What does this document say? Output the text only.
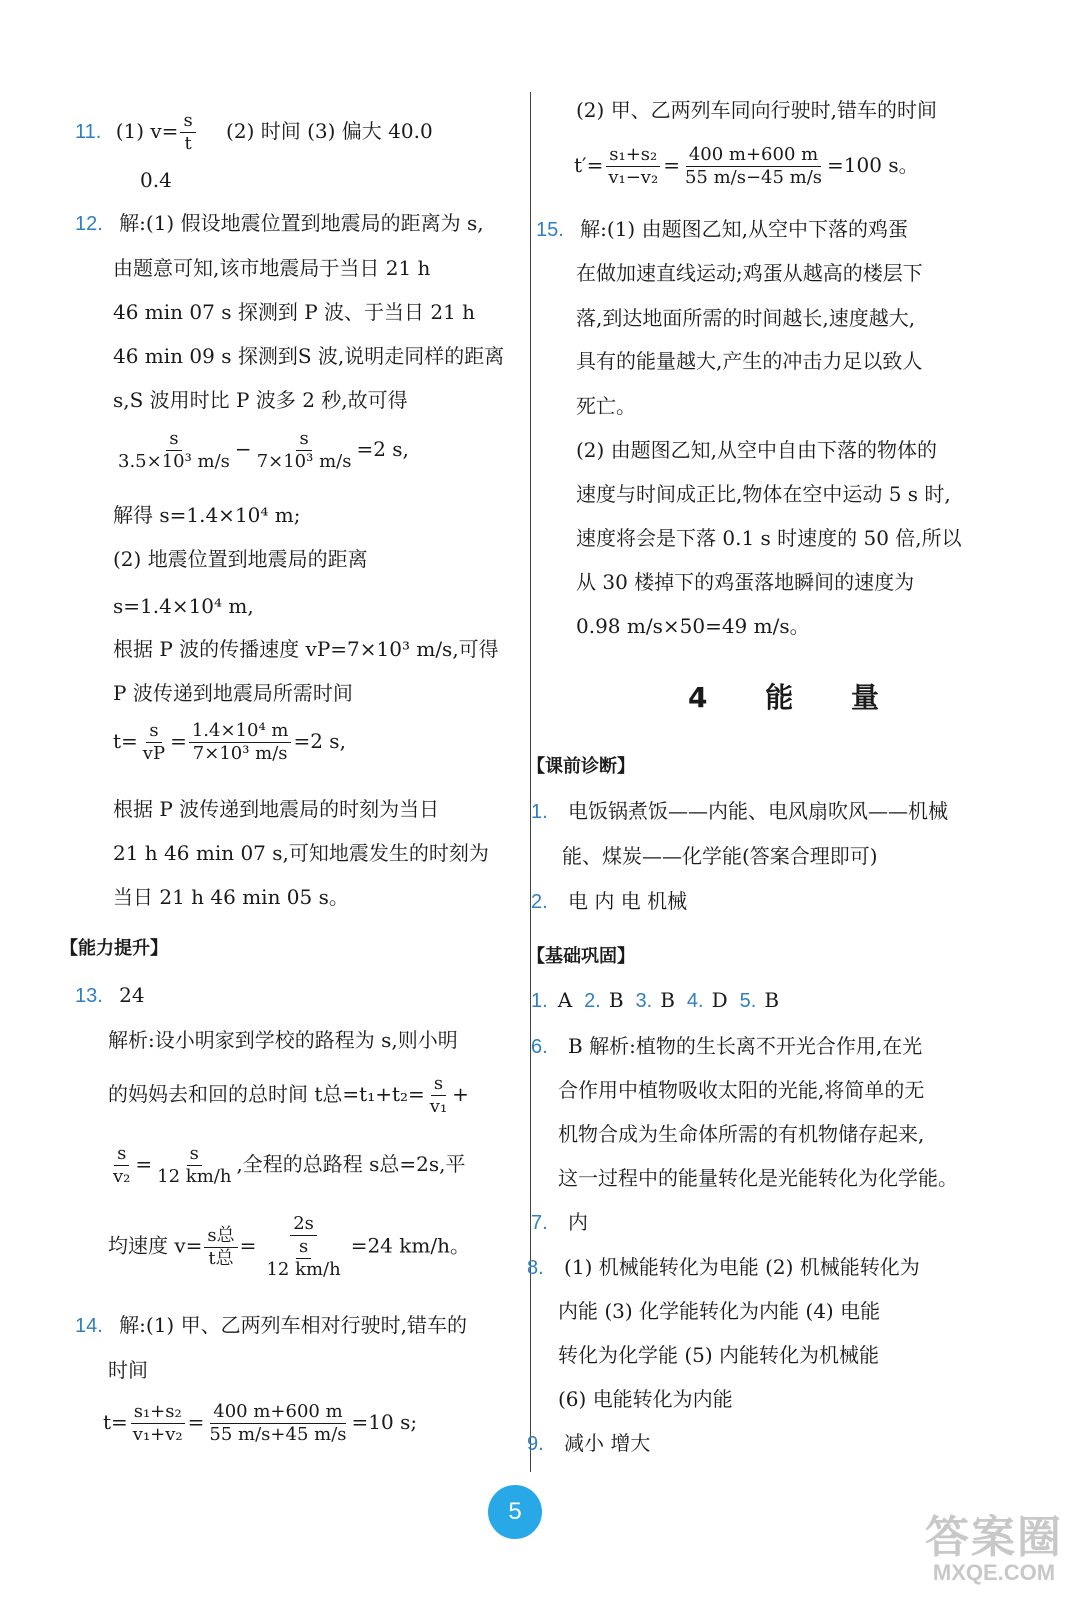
11. (1) $v= \frac{s}{t} (2)$ 时间 (3) 偏大 40.0
0.4
12. 解:(1) 假设地震位置到地震局的距离为 s,
由题意可知,该市地震局于当日 21 h
46 min 07 s 探测到 P 波、于当日 21 h
46 min 09 s 探测到S 波,说明走同样的距离
s,S 波用时比 P 波多 2 秒,故可得
$\frac{s}{\text{3.5×10³ m/s}} - \frac{s}{\text{7×10³ m/s}} =2$ s,
解得 s=1.4×10⁴ m;
(2) 地震位置到地震局的距离
s=1.4×10⁴ m,
根据 P 波的传播速度 vP=7×10³ m/s,可得
P 波传递到地震局所需时间
$t= \frac{s}{vP} = \frac{\text{1.4×10⁴ m}}{\text{7×10³ m/s}} =2$ s,
根据 P 波传递到地震局的时刻为当日
21 h 46 min 07 s,可知地震发生的时刻为
当日 21 h 46 min 05 s。
【能力提升】
13. 24
解析:设小明家到学校的路程为 s,则小明
的妈妈去和回的总时间 t总$=t_1+t_2= \frac{s}{\text{v₁}}$ +
$\frac{s}{\text{v₂}} = \frac{s}{12 km/h}$ ,全程的总路程 s总=2s,平
均速度 $v= \frac{\text{s总}}{\text{t总}} = \frac{2s}{\frac{s}{12 km/h}} =24$ km/h。
14. 解:(1) 甲、乙两列车相对行驶时,错车的
时间
$t= \frac{\text{s₁+s₂}}{\text{v₁+v₂}} = \frac{400 m+600 m}{55 m/s+45 m/s} =10$ s;
(2) 甲、乙两列车同向行驶时,错车的时间
$t'= \frac{\text{s₁+s₂}}{\text{v₁−v₂}} = \frac{400 m+600 m}{55 m/s-45 m/s} =100$ s。
15. 解:(1) 由题图乙知,从空中下落的鸡蛋
在做加速直线运动;鸡蛋从越高的楼层下
落,到达地面所需的时间越长,速度越大,
具有的能量越大,产生的冲击力足以致人
死亡。
(2) 由题图乙知,从空中自由下落的物体的
速度与时间成正比,物体在空中运动 5 s 时,
速度将会是下落 0.1 s 时速度的 50 倍,所以
从 30 楼掉下的鸡蛋落地瞬间的速度为
0.98 m/s×50=49 m/s。
4 能 量
【课前诊断】
1. 电饭锅煮饭——内能、电风扇吹风——机械
能、煤炭——化学能(答案合理即可)
2. 电 内 电 机械
【基础巩固】
1. A 2. B 3. B 4. D 5. B
6. B 解析:植物的生长离不开光合作用,在光
合作用中植物吸收太阳的光能,将简单的无
机物合成为生命体所需的有机物储存起来,
这一过程中的能量转化是光能转化为化学能。
7. 内
8. (1) 机械能转化为电能 (2) 机械能转化为
内能 (3) 化学能转化为内能 (4) 电能
转化为化学能 (5) 内能转化为机械能
(6) 电能转化为内能
9. 减小 增大
5
答案圈
MXQE.COM
